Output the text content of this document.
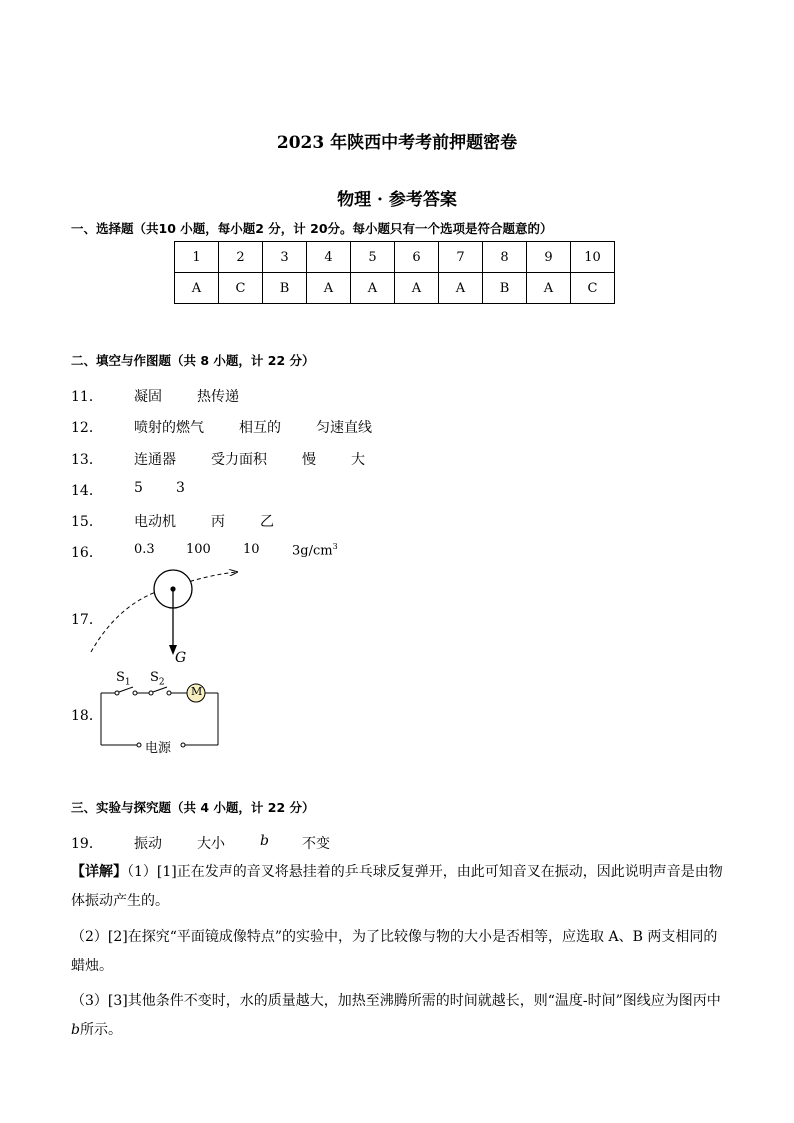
2023 年陕西中考考前押题密卷
物理 · 参考答案
一、选择题（共10 小题，每小题2 分，计 20分。每小题只有一个选项是符合题意的）
1	2	3	4	5	6	7	8	9	10
A	C	B	A	A	A	A	B	A	C
二、填空与作图题（共 8 小题，计 22 分）
11． 凝固	热传递
12． 喷射的燃气	相互的	匀速直线
13． 连通器	受力面积	慢	大
14． 5 3
15． 电动机	丙	乙
16． 0.3 100 10 $3g/cm^3$
17．
G
18．
$S_1$ $S_2$
M
电源
三、实验与探究题（共 4 小题，计 22 分）
19． 振动	大小	b 不变
【详解】（1）[1]正在发声的音叉将悬挂着的乒乓球反复弹开，由此可知音叉在振动，因此说明声音是由物体振动产生的。
（2）[2]在探究“平面镜成像特点”的实验中，为了比较像与物的大小是否相等，应选取 A、B 两支相同的蜡烛。
（3）[3]其他条件不变时，水的质量越大，加热至沸腾所需的时间就越长，则“温度-时间”图线应为图丙中b所示。
